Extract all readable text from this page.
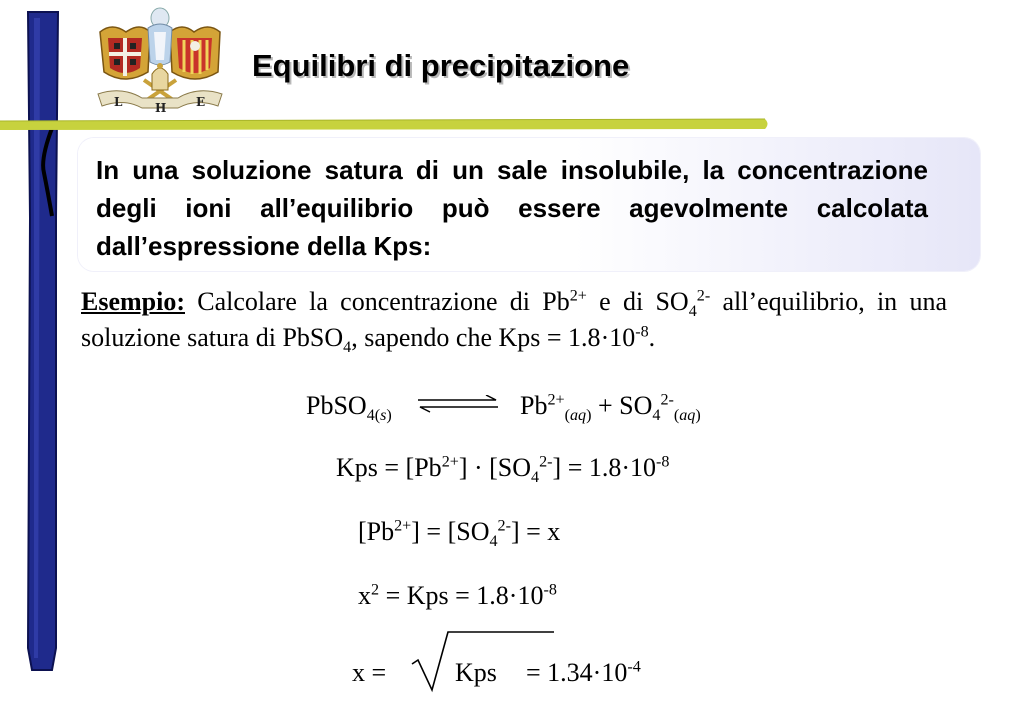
L	H E
Equilibri di precipitazione
In una soluzione satura di un sale insolubile, la concentrazione degli ioni all’equilibrio può essere agevolmente calcolata dall’espressione della Kps:
Esempio: Calcolare la concentrazione di $Pb^{2+}$ e di $SO_4^{2-}$ all’equilibrio, in una soluzione satura di PbSO$_4$, sapendo che Kps = $1.8\cdot 10^{-8}$.
PbSO$_{4(s)}$	$Pb^{2+}_{(aq)} + SO_4^{2-}_{(aq)}$
Kps = $[Pb^{2+}] \cdot [SO_4^{2-}] = 1.8\cdot 10^{-8}$
$[Pb^{2+}] = [SO_4^{2-}] = x$
$x^2$ = Kps = $1.8\cdot 10^{-8}$
x =	Kps = $1.34\cdot 10^{-4}$
